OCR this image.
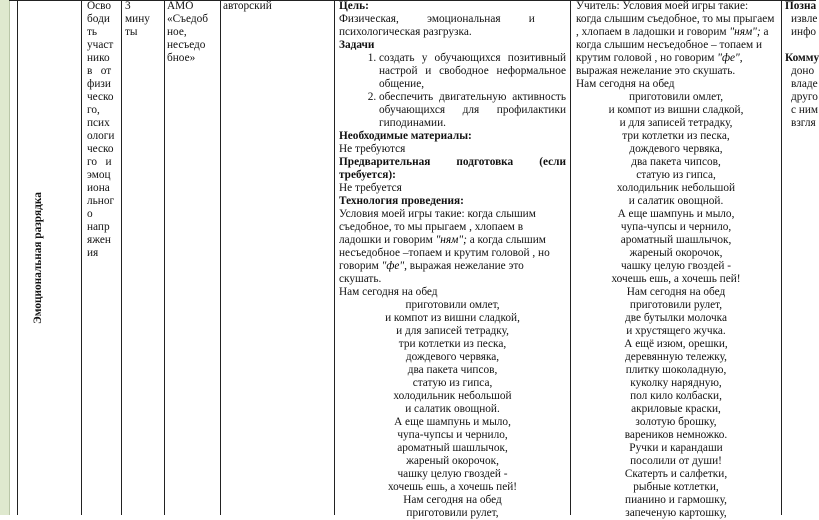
Эмоциональная разрядка

Осво
боди
ть
участ
нико
в   от
физи
ческо
го,
псих
ологи
ческо
го   и
эмоц
иона
льног
о
напр
яжен
ия

3
мину
ты

АМО
«Съедоб
ное,
несъедо
бное»

авторский	Цель:

Физическая,          эмоциональная          и

психологическая разгрузка.

Задачи

1. создать у обучающихся позитивный настрой и свободное неформальное общение,
2. обеспечить двигательную активность обучающихся для профилактики гиподинамии.

Необходимые материалы:

Не требуются

Предварительная подготовка (если требуется):

Не требуется

Технология проведения:

Условия моей игры такие: когда слышим съедобное, то мы прыгаем , хлопаем в ладошки и говорим "ням"; а когда слышим несъедобное –топаем и крутим головой , но говорим "фе", выражая нежелание это скушать.

Нам сегодня на обед

приготовили омлет,
и компот из вишни сладкой,
и для записей тетрадку,
три котлетки из песка,
дождевого червяка,
два пакета чипсов,
статую из гипса,
холодильник небольшой
и салатик овощной.
А еще шампунь и мыло,
чупа-чупсы и чернило,
ароматный шашлычок,
жареный окорочок,
чашку целую гвоздей -
хочешь ешь, а хочешь пей!
Нам сегодня на обед
приготовили рулет,

Учитель: Условия моей игры такие: когда слышим съедобное, то мы прыгаем , хлопаем в ладошки и говорим "ням"; а когда слышим несъедобное – топаем и крутим головой , но говорим "фе", выражая нежелание это скушать.

Нам сегодня на обед

приготовили омлет,
и компот из вишни сладкой,
и для записей тетрадку,
три котлетки из песка,
дождевого червяка,
два пакета чипсов,
статую из гипса,
холодильник небольшой
и салатик овощной.
А еще шампунь и мыло,
чупа-чупсы и чернило,
ароматный шашлычок,
жареный окорочок,
чашку целую гвоздей -
хочешь ешь, а хочешь пей!
Нам сегодня на обед
приготовили рулет,
две бутылки молочка
и хрустящего жучка.
А ещё изюм, орешки,
деревянную тележку,
плитку шоколадную,
куколку нарядную,
пол кило колбаски,
акриловые краски,
золотую брошку,
вареников немножко.
Ручки и карандаши
посолили от души!
Скатерть и салфетки,
рыбные котлетки,
пианино и гармошку,
запеченую картошку,

Позна

извле

инфо

Комму

доно

владе

друго

с ним

взгля
